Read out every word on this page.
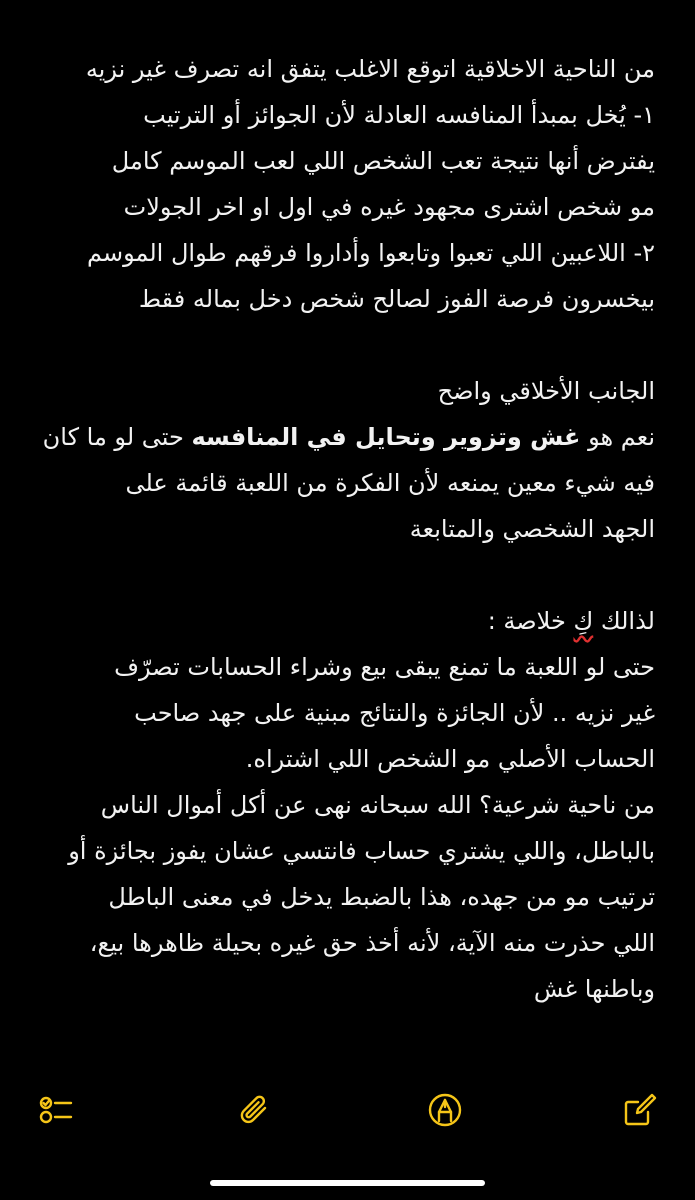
من الناحية الاخلاقية اتوقع الاغلب يتفق انه تصرف غير نزيه

١- يُخل بمبدأ المنافسه العادلة لأن الجوائز أو الترتيب

يفترض أنها نتيجة تعب الشخص اللي لعب الموسم كامل

مو شخص اشترى مجهود غيره في اول او اخر الجولات

٢- اللاعبين اللي تعبوا وتابعوا وأداروا فرقهم طوال الموسم

بيخسرون فرصة الفوز لصالح شخص دخل بماله فقط

الجانب الأخلاقي واضح

نعم هو غش وتزوير وتحايل في المنافسه حتى لو ما كان

فيه شيء معين يمنعه لأن الفكرة من اللعبة قائمة على

الجهد الشخصي والمتابعة

لذالك كِ خلاصة :

حتى لو اللعبة ما تمنع يبقى بيع وشراء الحسابات تصرّف

غير نزيه .. لأن الجائزة والنتائج مبنية على جهد صاحب

الحساب الأصلي مو الشخص اللي اشتراه.

من ناحية شرعية؟ الله سبحانه نهى عن أكل أموال الناس

بالباطل، واللي يشتري حساب فانتسي عشان يفوز بجائزة أو

ترتيب مو من جهده، هذا بالضبط يدخل في معنى الباطل

اللي حذرت منه الآية، لأنه أخذ حق غيره بحيلة ظاهرها بيع،

وباطنها غش
